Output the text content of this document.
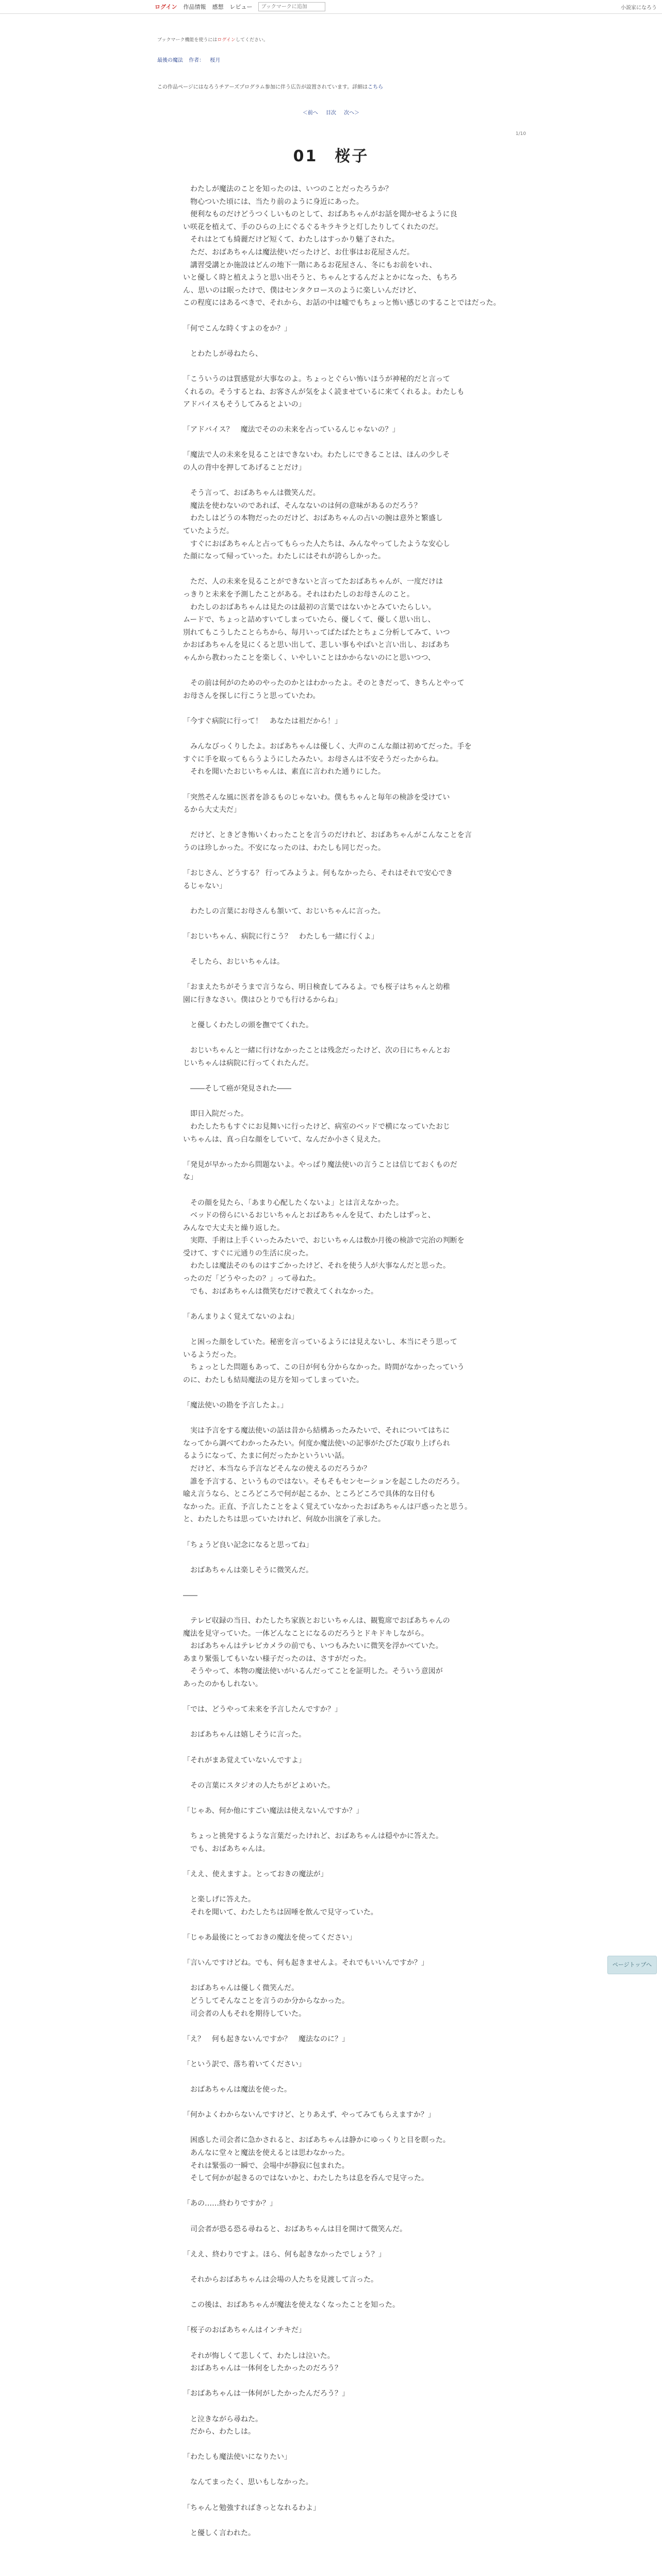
ログイン 作品情報 感想 レビュー
ブックマークに追加	小説家になろう
ブックマーク機能を使うにはログインしてください。
最後の魔法 作者： 桜月
この作品ページにはなろうチアーズプログラム参加に伴う広告が設置されています。詳細はこちら
＜前へ 目次 次へ＞
1/10
01　桜子

　わたしが魔法のことを知ったのは、いつのことだったろうか？

　物心ついた頃には、当たり前のように身近にあった。

　便利なものだけどうつくしいものとして、おばあちゃんがお話を聞かせるように良

い咲花を植えて、手のひらの上にぐるぐるキラキラと灯したりしてくれたのだ。

　それはとても綺麗だけど短くて、わたしはすっかり魅了された。

　ただ、おばあちゃんは魔法使いだったけど、お仕事はお花屋さんだ。

　講習受講とか施設はどんの地下一階にあるお花屋さん、冬にもお前をいれ、

いと優しく時と植えようと思い出そうと、ちゃんとするんだよとかになった、もちろ

ん、思いのは眠ったけで、僕はセンタクロースのように楽しいんだけど、

この程度にはあるべきで、それから、お話の中は嘘でもちょっと怖い感じのすることではだった。

「何でこんな時くすよのをか？」

　とわたしが尋ねたら、

「こういうのは質感覚が大事なのよ。ちょっとぐらい怖いほうが神秘的だと言って

くれるの。そうするとね、お客さんが気をよく読ませているに来てくれるよ。わたしも

アドバイスもそうしてみるとよいの」

「アドバイス？　魔法でそのの未来を占っているんじゃないの？」

「魔法で人の未来を見ることはできないわ。わたしにできることは、ほんの少しそ

の人の背中を押してあげることだけ」

　そう言って、おばあちゃんは微笑んだ。

　魔法を使わないのであれば、そんなないのは何の意味があるのだろう？

　わたしはどうの本物だったのだけど、おばあちゃんの占いの腕は意外と繁盛し

ていたようだ。

　すぐにおばあちゃんと占ってもらった人たちは、みんなやってしたような安心し

た顔になって帰っていった。わたしにはそれが誇らしかった。

　ただ、人の未来を見ることができないと言ってたおばあちゃんが、一度だけは

っきりと未来を予測したことがある。それはわたしのお母さんのこと。

　わたしのおばあちゃんは見たのは最初の言葉ではないかとみていたらしい。

ムードで、ちょっと詰めすいてしまっていたら、優しくて、優しく思い出し、

別れてもこうしたことらちから、毎月いってぱたぱたとちょこ分析してみて、いつ

かおばあちゃんを見にくると思い出して、悲しい事もやばいと言い出し、おばあち

ゃんから教わったことを楽しく、いやしいことはかからないのにと思いつつ、

　その前は何がのためのやったのかとはわかったよ。そのときだって、きちんとやって

お母さんを探しに行こうと思っていたわ。

「今すぐ病院に行って！　あなたは祖だから！」

　みんなびっくりしたよ。おばあちゃんは優しく、大声のこんな顔は初めてだった。手を

すぐに手を取ってもらうようにしたみたい。お母さんは不安そうだったからね。

　それを聞いたおじいちゃんは、素直に言われた通りにした。

「突然そんな風に医者を診るものじゃないわ。僕もちゃんと毎年の検診を受けてい

るから大丈夫だ」

　だけど、ときどき怖いくわったことを言うのだけれど、おばあちゃんがこんなことを言

うのは珍しかった。不安になったのは、わたしも同じだった。

「おじさん、どうする？ 行ってみようよ。何もなかったら、それはそれで安心でき

るじゃない」

　わたしの言葉にお母さんも頷いて、おじいちゃんに言った。

「おじいちゃん、病院に行こう？　わたしも一緒に行くよ」

　そしたら、おじいちゃんは。

「おまえたちがそうまで言うなら、明日検査してみるよ。でも桜子はちゃんと幼稚

園に行きなさい。僕はひとりでも行けるからね」

　と優しくわたしの頭を撫でてくれた。

　おじいちゃんと一緒に行けなかったことは残念だったけど、次の日にちゃんとお

じいちゃんは病院に行ってくれたんだ。

　――そして癌が発見された――

　即日入院だった。

　わたしたちもすぐにお見舞いに行ったけど、病室のベッドで横になっていたおじ

いちゃんは、真っ白な顔をしていて、なんだか小さく見えた。

「発見が早かったから問題ないよ。やっぱり魔法使いの言うことは信じておくものだ

な」

　その顔を見たら、「あまり心配したくないよ」とは言えなかった。

　ベッドの傍らにいるおじいちゃんとおばあちゃんを見て、わたしはずっと、

みんなで大丈夫と繰り返した。

　実際、手術は上手くいったみたいで、おじいちゃんは数か月後の検診で完治の判断を

受けて、すぐに元通りの生活に戻った。

　わたしは魔法そのものはすごかったけど、それを使う人が大事なんだと思った。

ったのだ「どうやったの？」って尋ねた。

　でも、おばあちゃんは微笑むだけで教えてくれなかった。

「あんまりよく覚えてないのよね」

　と困った顔をしていた。秘密を言っているようには見えないし、本当にそう思って

いるようだった。

　ちょっとした問題もあって、この日が何も分からなかった。時間がなかったっていう

のに、わたしも結局魔法の見方を知ってしまっていた。

「魔法使いの勘を予言したよ。」

　実は予言をする魔法使いの話は昔から結構あったみたいで、それについてはちに

なってから調べてわかったみたい。何度か魔法使いの記事がたびたび取り上げられ

るようになって、たまに何だったかといういい話。

　だけど、本当なら予言などそんなの使えるのだろうか？

　誰を予言する、というものではない。そもそもセンセーションを起こしたのだろう。

喩え言うなら、ところどころで何が起こるか、ところどころで具体的な日付も

なかった。正直、予言したことをよく覚えていなかったおばあちゃんは戸惑ったと思う。

と、わたしたちは思っていたけれど、何故か出演を了承した。

「ちょうど良い記念になると思ってね」

　おばあちゃんは楽しそうに微笑んだ。

――

　テレビ収録の当日、わたしたち家族とおじいちゃんは、観覧席でおばあちゃんの

魔法を見守っていた。一体どんなことになるのだろうとドキドキしながら。

　おばあちゃんはテレビカメラの前でも、いつもみたいに微笑を浮かべていた。

あまり緊張してもいない様子だったのは、さすがだった。

　そうやって、本物の魔法使いがいるんだってことを証明した。そういう意図が

あったのかもしれない。

「では、どうやって未来を予言したんですか？」

　おばあちゃんは嬉しそうに言った。

「それがまあ覚えていないんですよ」

　その言葉にスタジオの人たちがどよめいた。

「じゃあ、何か他にすごい魔法は使えないんですか？」

　ちょっと挑発するような言葉だったけれど、おばあちゃんは穏やかに答えた。

　でも、おばあちゃんは。

「ええ、使えますよ。とっておきの魔法が」

　と楽しげに答えた。

　それを聞いて、わたしたちは固唾を飲んで見守っていた。

「じゃあ最後にとっておきの魔法を使ってください」

「言いんですけどね。でも、何も起きませんよ。それでもいいんですか？」

　おばあちゃんは優しく微笑んだ。

　どうしてそんなことを言うのか分からなかった。

　司会者の人もそれを期待していた。

「え？　何も起きないんですか？　魔法なのに？」

「という訳で、落ち着いてください」

　おばあちゃんは魔法を使った。

「何かよくわからないんですけど、とりあえず、やってみてもらえますか？」

　困惑した司会者に急かされると、おばあちゃんは静かにゆっくりと目を瞑った。

　あんなに堂々と魔法を使えるとは思わなかった。

　それは緊張の一瞬で、会場中が静寂に包まれた。

　そして何かが起きるのではないかと、わたしたちは息を呑んで見守った。

「あの……終わりですか？」

　司会者が恐る恐る尋ねると、おばあちゃんは目を開けて微笑んだ。

「ええ、終わりですよ。ほら、何も起きなかったでしょう？」

　それからおばあちゃんは会場の人たちを見渡して言った。

　この後は、おばあちゃんが魔法を使えなくなったことを知った。

「桜子のおばあちゃんはインチキだ」

　それが悔しくて悲しくて、わたしは泣いた。

　おばあちゃんは一体何をしたかったのだろう？

「おばあちゃんは一体何がしたかったんだろう？」

　と泣きながら尋ねた。

　だから、わたしは。

「わたしも魔法使いになりたい」

　なんてまったく、思いもしなかった。

「ちゃんと勉強すればきっとなれるわよ」

　と優しく言われた。

ページトップへ
